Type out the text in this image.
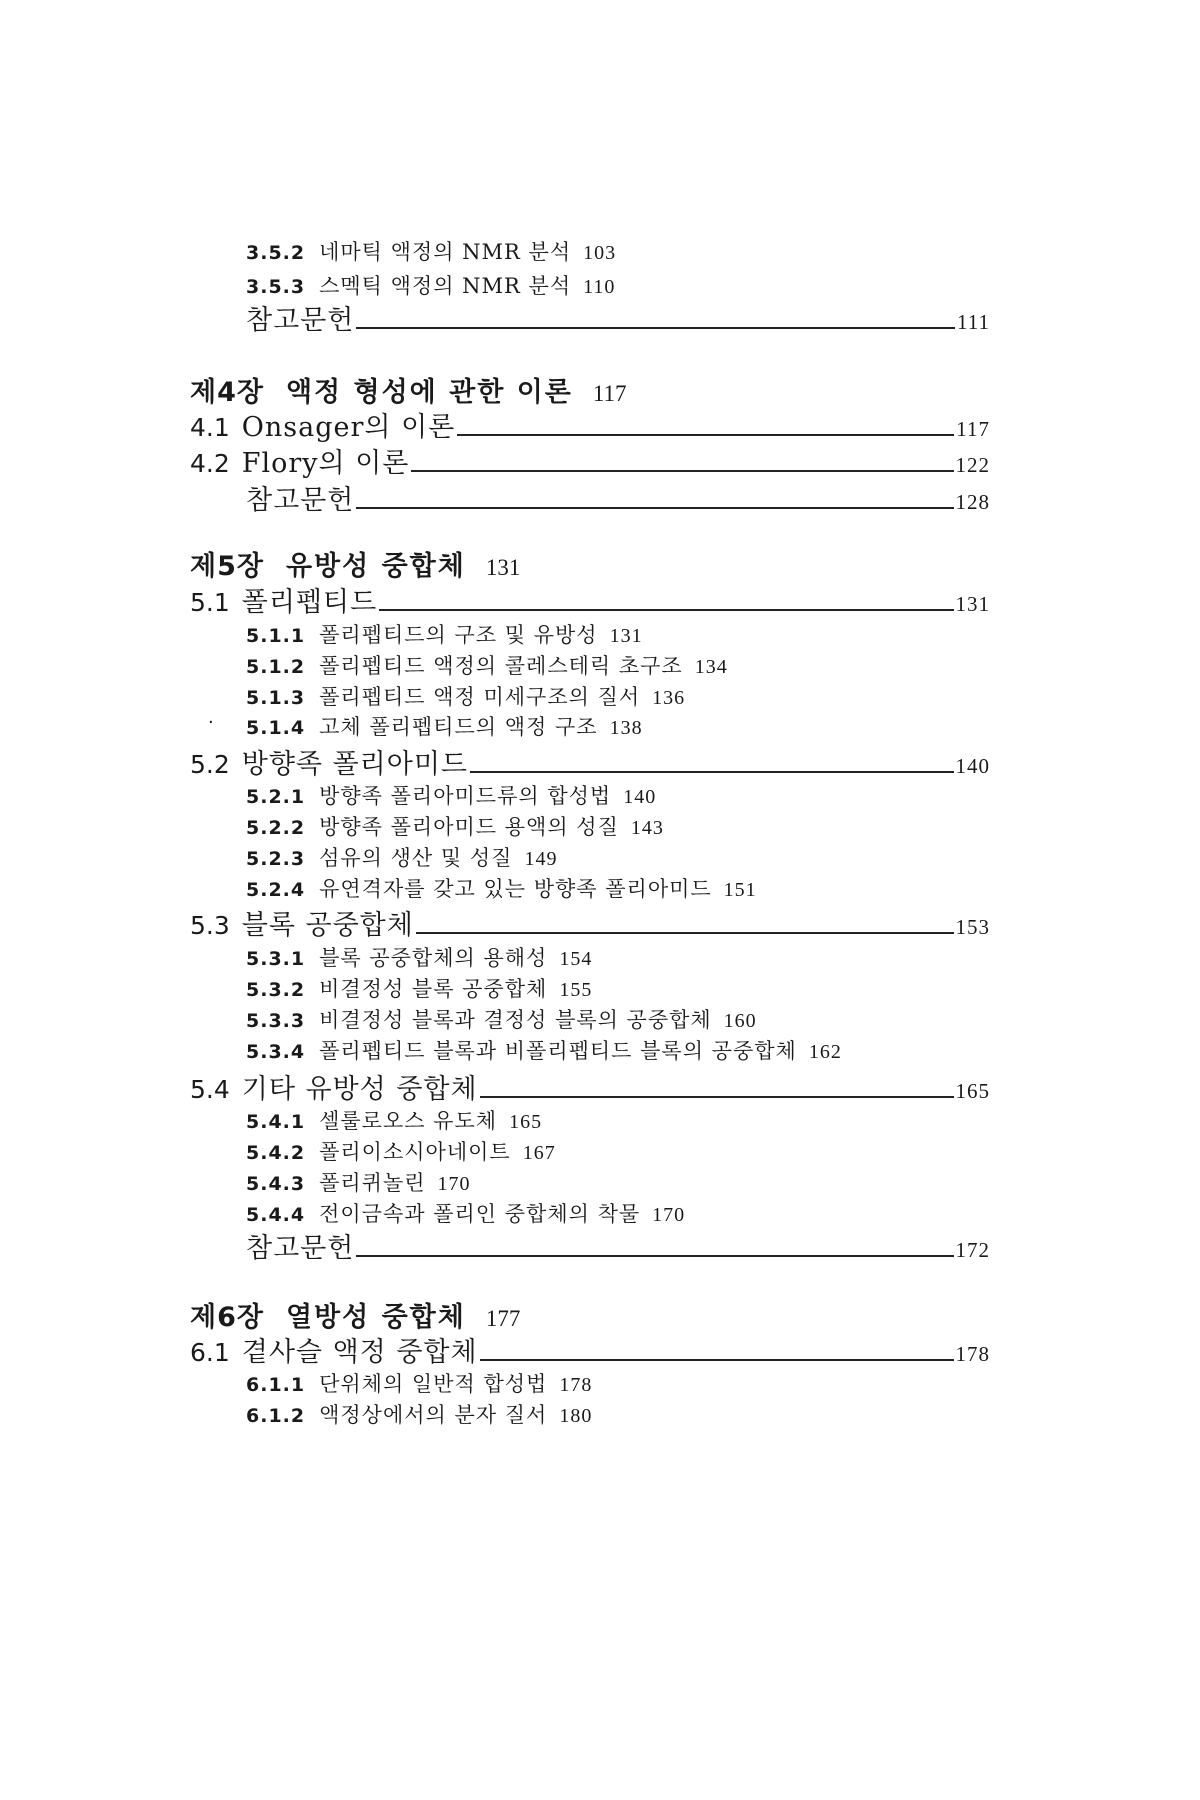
3.5.2 네마틱 액정의 NMR 분석 103
3.5.3 스멕틱 액정의 NMR 분석 110
참고문헌	111
제4장 액정 형성에 관한 이론 117
4.1 Onsager의 이론	117
4.2 Flory의 이론	122
참고문헌	128
제5장 유방성 중합체 131
5.1 폴리펩티드	131
5.1.1 폴리펩티드의 구조 및 유방성 131
5.1.2 폴리펩티드 액정의 콜레스테릭 초구조 134
5.1.3 폴리펩티드 액정 미세구조의 질서 136
· 5.1.4 고체 폴리펩티드의 액정 구조 138
5.2 방향족 폴리아미드	140
5.2.1 방향족 폴리아미드류의 합성법 140
5.2.2 방향족 폴리아미드 용액의 성질 143
5.2.3 섬유의 생산 및 성질 149
5.2.4 유연격자를 갖고 있는 방향족 폴리아미드 151
5.3 블록 공중합체	153
5.3.1 블록 공중합체의 용해성 154
5.3.2 비결정성 블록 공중합체 155
5.3.3 비결정성 블록과 결정성 블록의 공중합체 160
5.3.4 폴리펩티드 블록과 비폴리펩티드 블록의 공중합체 162
5.4 기타 유방성 중합체	165
5.4.1 셀룰로오스 유도체 165
5.4.2 폴리이소시아네이트 167
5.4.3 폴리퀴놀린 170
5.4.4 전이금속과 폴리인 중합체의 착물 170
참고문헌	172
제6장 열방성 중합체 177
6.1 곁사슬 액정 중합체	178
6.1.1 단위체의 일반적 합성법 178
6.1.2 액정상에서의 분자 질서 180
